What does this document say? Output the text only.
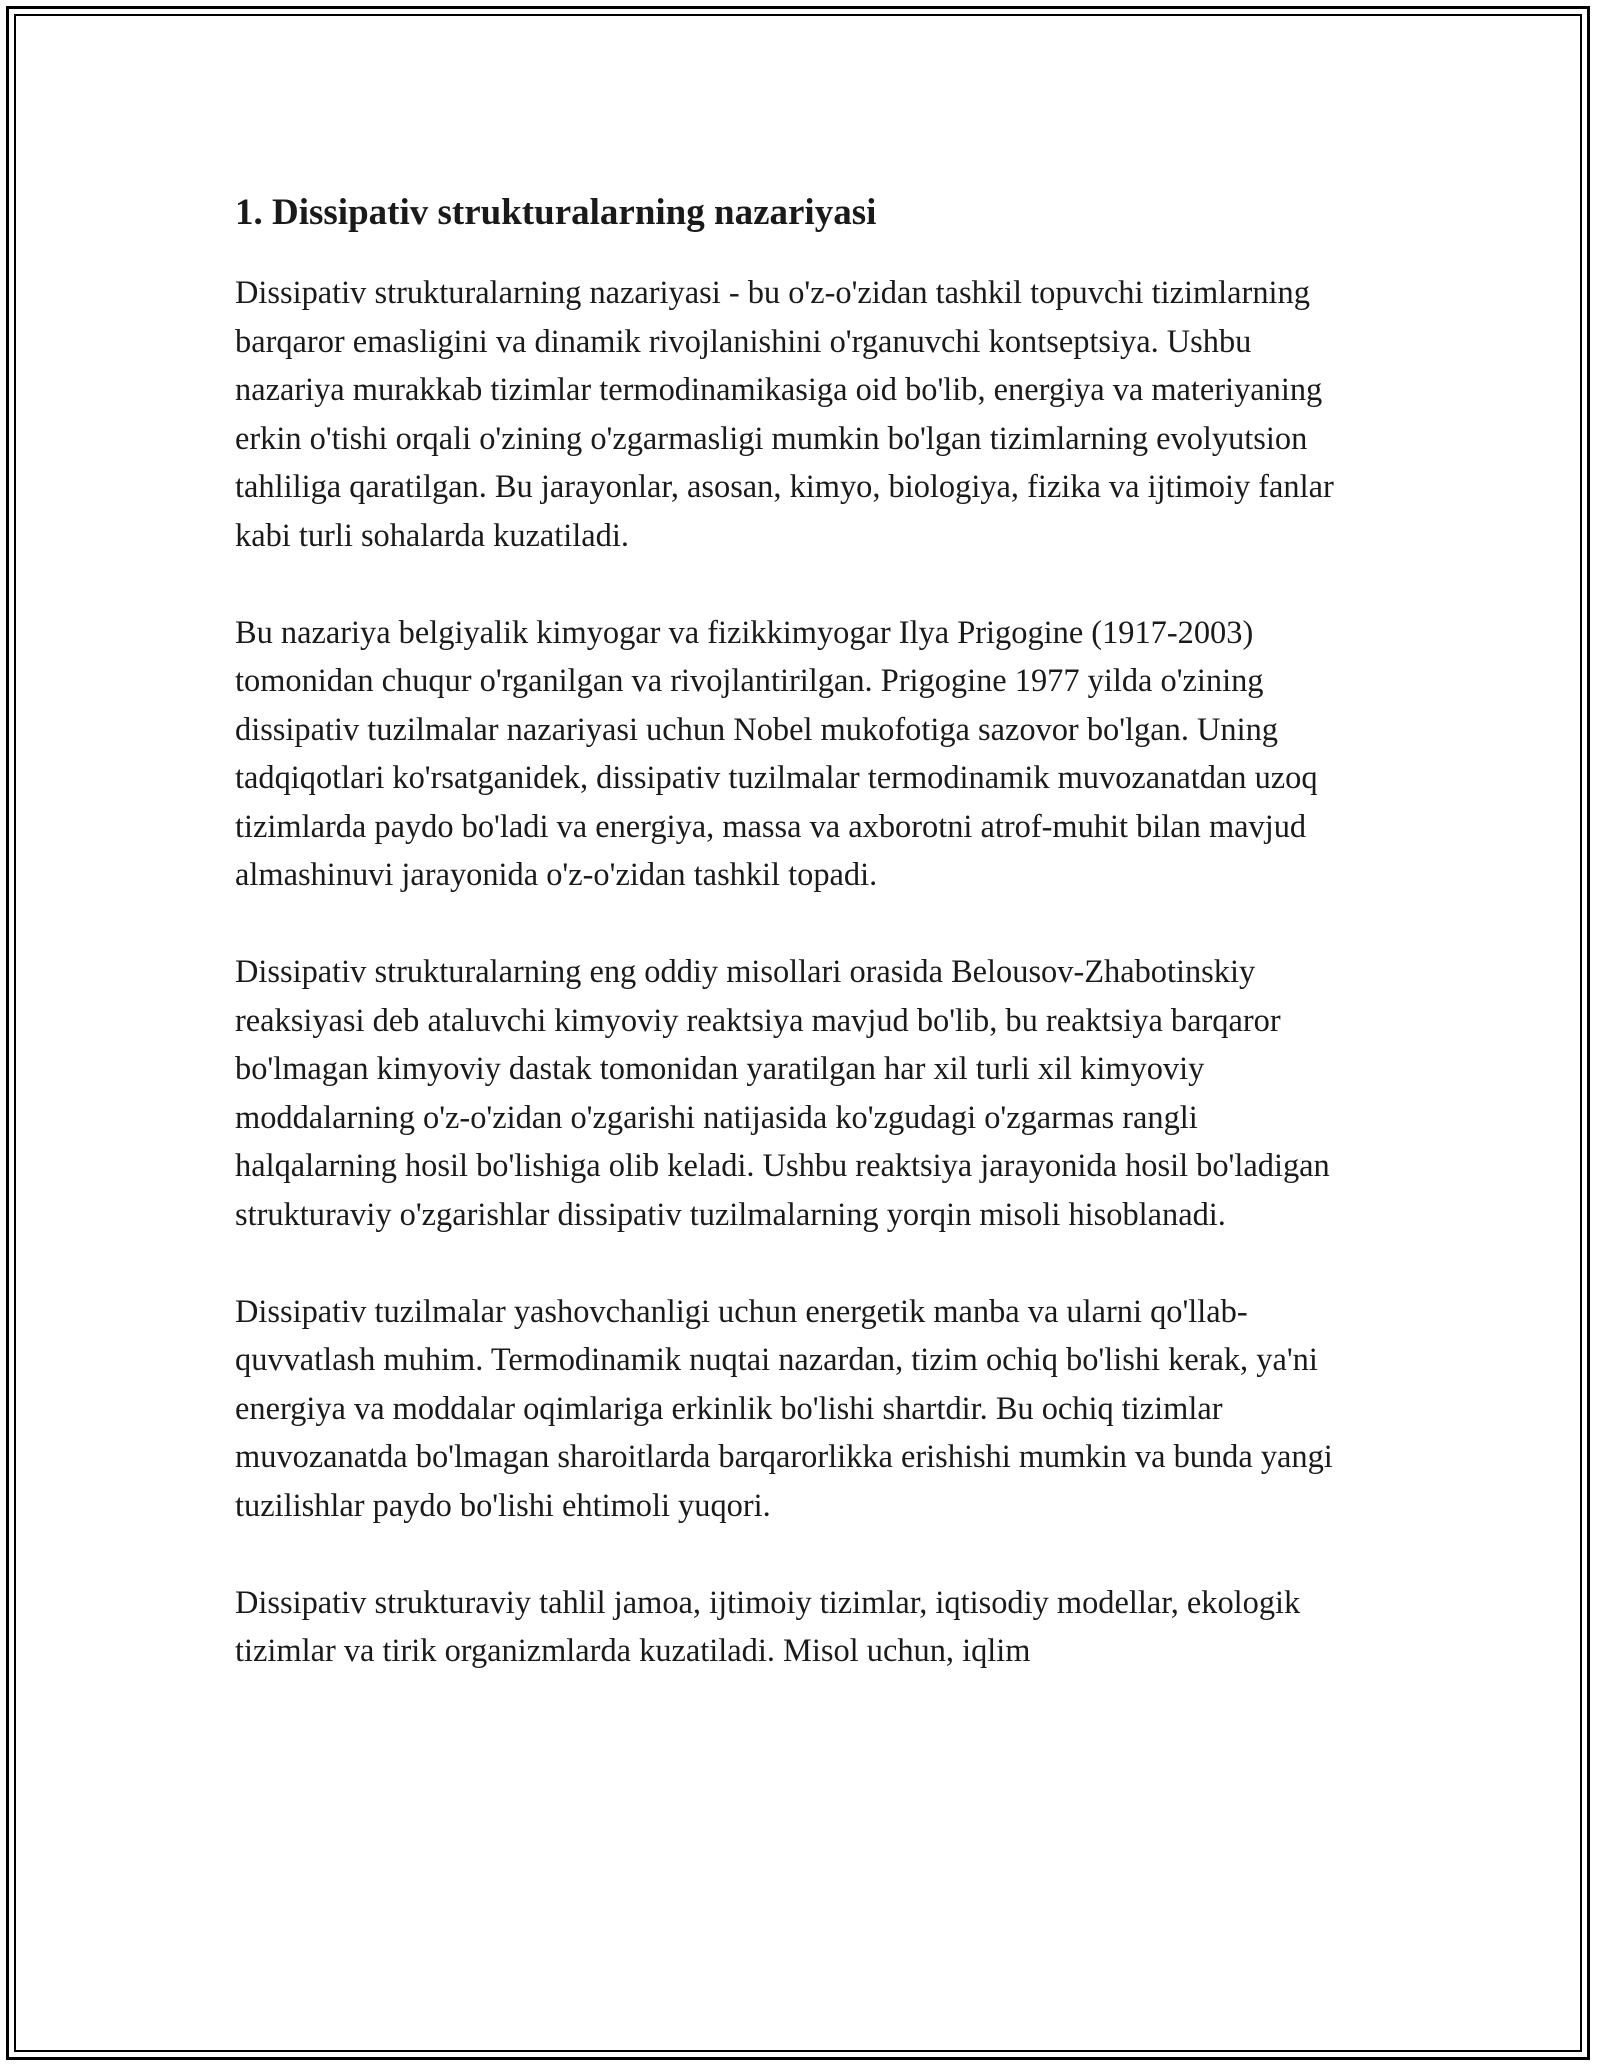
1. Dissipativ strukturalarning nazariyasi

Dissipativ strukturalarning nazariyasi - bu o'z-o'zidan tashkil topuvchi tizimlarning barqaror emasligini va dinamik rivojlanishini o'rganuvchi kontseptsiya. Ushbu nazariya murakkab tizimlar termodinamikasiga oid bo'lib, energiya va materiyaning erkin o'tishi orqali o'zining o'zgarmasligi mumkin bo'lgan tizimlarning evolyutsion tahliliga qaratilgan. Bu jarayonlar, asosan, kimyo, biologiya, fizika va ijtimoiy fanlar kabi turli sohalarda kuzatiladi.

Bu nazariya belgiyalik kimyogar va fizikkimyogar Ilya Prigogine (1917-2003) tomonidan chuqur o'rganilgan va rivojlantirilgan. Prigogine 1977 yilda o'zining dissipativ tuzilmalar nazariyasi uchun Nobel mukofotiga sazovor bo'lgan. Uning tadqiqotlari ko'rsatganidek, dissipativ tuzilmalar termodinamik muvozanatdan uzoq tizimlarda paydo bo'ladi va energiya, massa va axborotni atrof-muhit bilan mavjud almashinuvi jarayonida o'z-o'zidan tashkil topadi.

Dissipativ strukturalarning eng oddiy misollari orasida Belousov-Zhabotinskiy reaksiyasi deb ataluvchi kimyoviy reaktsiya mavjud bo'lib, bu reaktsiya barqaror bo'lmagan kimyoviy dastak tomonidan yaratilgan har xil turli xil kimyoviy moddalarning o'z-o'zidan o'zgarishi natijasida ko'zgudagi o'zgarmas rangli halqalarning hosil bo'lishiga olib keladi. Ushbu reaktsiya jarayonida hosil bo'ladigan strukturaviy o'zgarishlar dissipativ tuzilmalarning yorqin misoli hisoblanadi.

Dissipativ tuzilmalar yashovchanligi uchun energetik manba va ularni qo'llab-quvvatlash muhim. Termodinamik nuqtai nazardan, tizim ochiq bo'lishi kerak, ya'ni energiya va moddalar oqimlariga erkinlik bo'lishi shartdir. Bu ochiq tizimlar muvozanatda bo'lmagan sharoitlarda barqarorlikka erishishi mumkin va bunda yangi tuzilishlar paydo bo'lishi ehtimoli yuqori.

Dissipativ strukturaviy tahlil jamoa, ijtimoiy tizimlar, iqtisodiy modellar, ekologik tizimlar va tirik organizmlarda kuzatiladi. Misol uchun, iqlim
